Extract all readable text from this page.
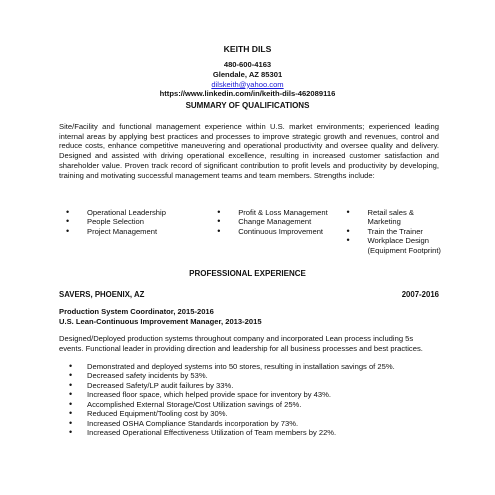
KEITH DILS
480-600-4163
Glendale, AZ 85301
dilskeith@yahoo.com
https://www.linkedin.com/in/keith-dils-462089116
SUMMARY OF QUALIFICATIONS
Site/Facility and functional management experience within U.S. market environments; experienced leading internal areas by applying best practices and processes to improve strategic growth and revenues, control and reduce costs, enhance competitive maneuvering and operational productivity and oversee quality and delivery. Designed and assisted with driving operational excellence, resulting in increased customer satisfaction and shareholder value. Proven track record of significant contribution to profit levels and productivity by developing, training and motivating successful management teams and team members. Strengths include:
• Operational Leadership
• People Selection
• Project Management
• Profit & Loss Management
• Change Management
• Continuous Improvement
• Retail sales & Marketing
• Train the Trainer
• Workplace Design (Equipment Footprint)
PROFESSIONAL EXPERIENCE
SAVERS, PHOENIX, AZ	2007-2016
Production System Coordinator, 2015-2016
U.S. Lean-Continuous Improvement Manager, 2013-2015
Designed/Deployed production systems throughout company and incorporated Lean process including 5s events. Functional leader in providing direction and leadership for all business processes and best practices.
• Demonstrated and deployed systems into 50 stores, resulting in installation savings of 25%.
• Decreased safety incidents by 53%.
• Decreased Safety/LP audit failures by 33%.
• Increased floor space, which helped provide space for inventory by 43%.
• Accomplished External Storage/Cost Utilization savings of 25%.
• Reduced Equipment/Tooling cost by 30%.
• Increased OSHA Compliance Standards incorporation by 73%.
• Increased Operational Effectiveness Utilization of Team members by 22%.
